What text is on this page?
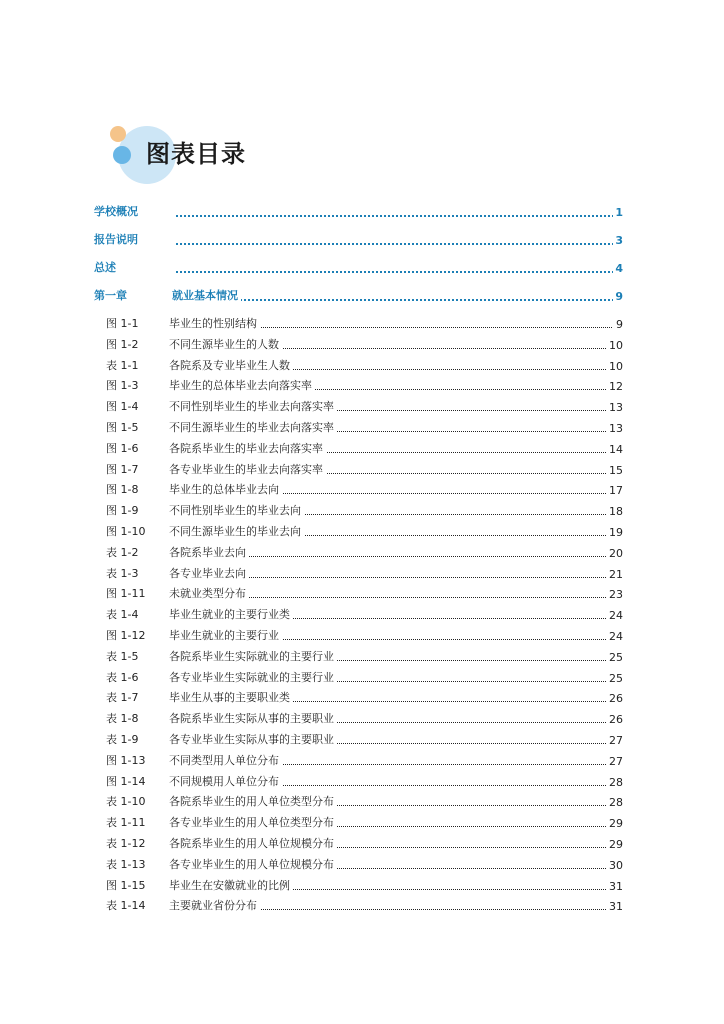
图表目录
学校概况	1
报告说明	3
总述	4
第一章	就业基本情况	9
图 1-1	毕业生的性别结构	9
图 1-2	不同生源毕业生的人数	10
表 1-1	各院系及专业毕业生人数	10
图 1-3	毕业生的总体毕业去向落实率	12
图 1-4	不同性别毕业生的毕业去向落实率	13
图 1-5	不同生源毕业生的毕业去向落实率	13
图 1-6	各院系毕业生的毕业去向落实率	14
图 1-7	各专业毕业生的毕业去向落实率	15
图 1-8	毕业生的总体毕业去向	17
图 1-9	不同性别毕业生的毕业去向	18
图 1-10 不同生源毕业生的毕业去向	19
表 1-2	各院系毕业去向	20
表 1-3	各专业毕业去向	21
图 1-11 未就业类型分布	23
表 1-4	毕业生就业的主要行业类	24
图 1-12 毕业生就业的主要行业	24
表 1-5	各院系毕业生实际就业的主要行业	25
表 1-6	各专业毕业生实际就业的主要行业	25
表 1-7	毕业生从事的主要职业类	26
表 1-8	各院系毕业生实际从事的主要职业	26
表 1-9	各专业毕业生实际从事的主要职业	27
图 1-13 不同类型用人单位分布	27
图 1-14 不同规模用人单位分布	28
表 1-10 各院系毕业生的用人单位类型分布	28
表 1-11 各专业毕业生的用人单位类型分布	29
表 1-12 各院系毕业生的用人单位规模分布	29
表 1-13 各专业毕业生的用人单位规模分布	30
图 1-15 毕业生在安徽就业的比例	31
表 1-14 主要就业省份分布	31
